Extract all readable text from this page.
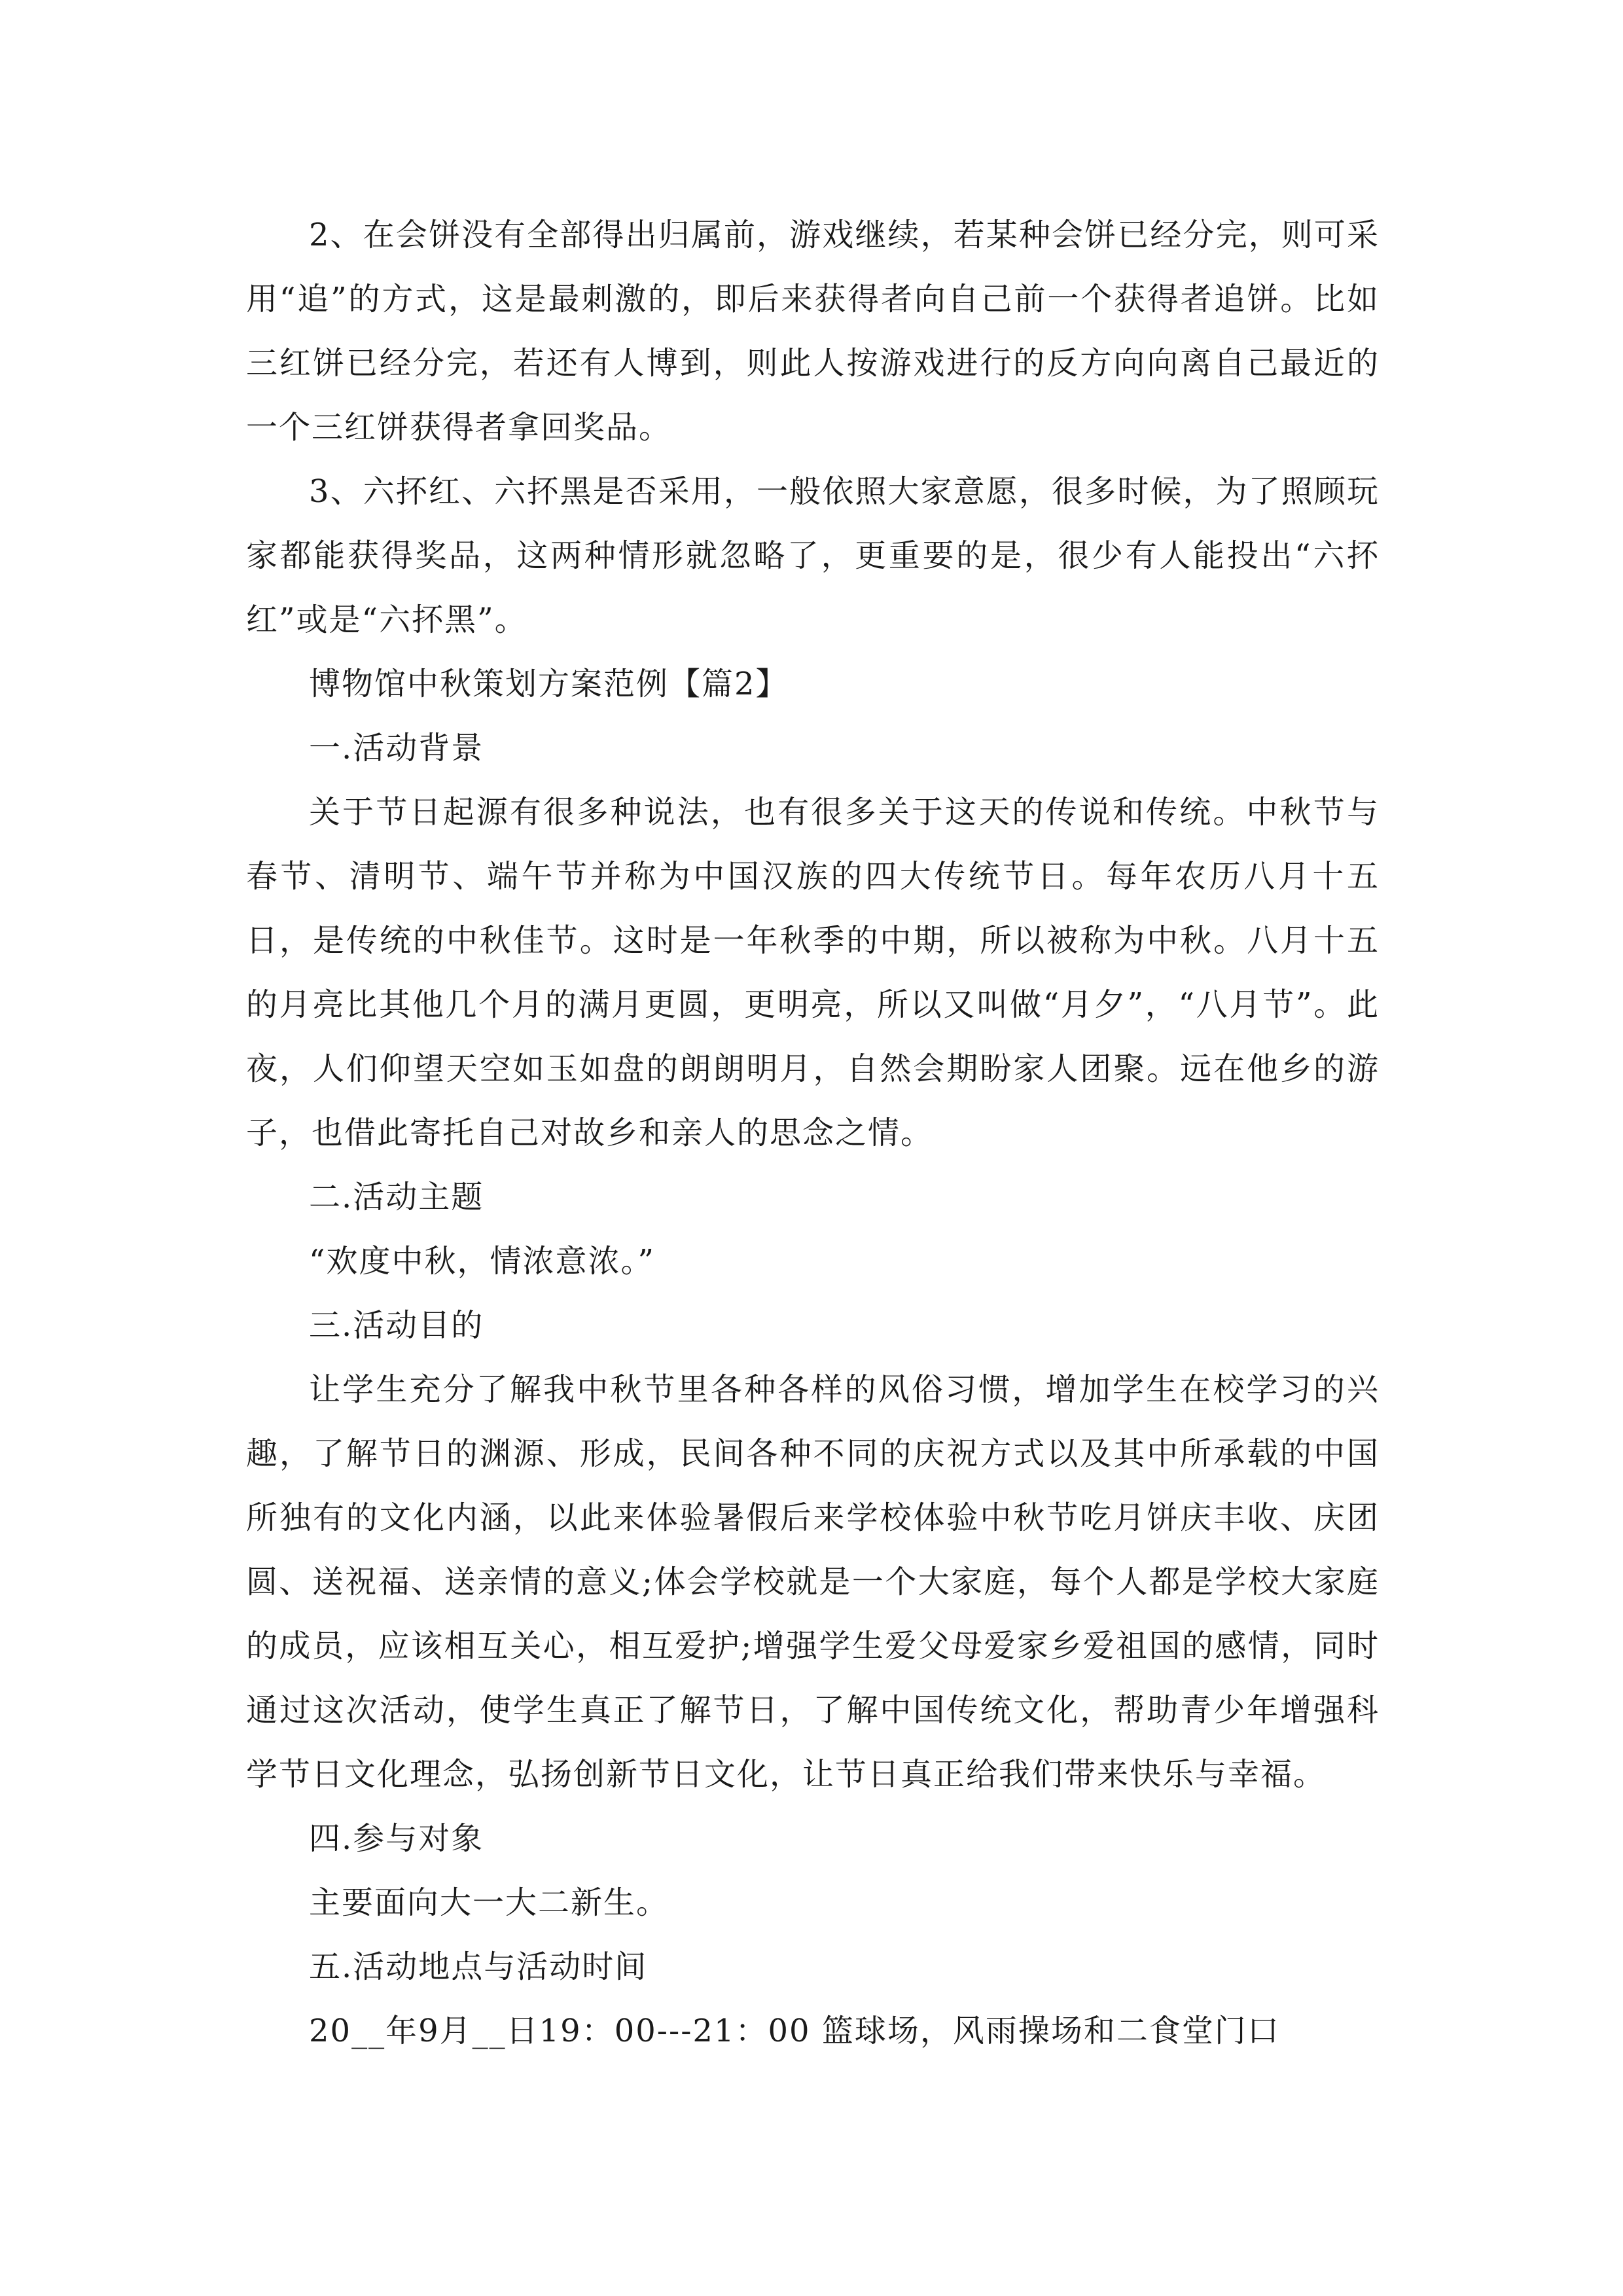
2、在会饼没有全部得出归属前，游戏继续，若某种会饼已经分完，则可采用“追”的方式，这是最刺激的，即后来获得者向自己前一个获得者追饼。比如三红饼已经分完，若还有人博到，则此人按游戏进行的反方向向离自己最近的一个三红饼获得者拿回奖品。

3、六抔红、六抔黑是否采用，一般依照大家意愿，很多时候，为了照顾玩家都能获得奖品，这两种情形就忽略了，更重要的是，很少有人能投出“六抔红”或是“六抔黑”。

博物馆中秋策划方案范例【篇2】

一.活动背景

关于节日起源有很多种说法，也有很多关于这天的传说和传统。中秋节与春节、清明节、端午节并称为中国汉族的四大传统节日。每年农历八月十五日，是传统的中秋佳节。这时是一年秋季的中期，所以被称为中秋。八月十五的月亮比其他几个月的满月更圆，更明亮，所以又叫做“月夕”，“八月节”。此夜，人们仰望天空如玉如盘的朗朗明月，自然会期盼家人团聚。远在他乡的游子，也借此寄托自己对故乡和亲人的思念之情。

二.活动主题

“欢度中秋，情浓意浓。”

三.活动目的

让学生充分了解我中秋节里各种各样的风俗习惯，增加学生在校学习的兴趣，了解节日的渊源、形成，民间各种不同的庆祝方式以及其中所承载的中国所独有的文化内涵，以此来体验暑假后来学校体验中秋节吃月饼庆丰收、庆团圆、送祝福、送亲情的意义;体会学校就是一个大家庭，每个人都是学校大家庭的成员，应该相互关心，相互爱护;增强学生爱父母爱家乡爱祖国的感情，同时通过这次活动，使学生真正了解节日，了解中国传统文化，帮助青少年增强科学节日文化理念，弘扬创新节日文化，让节日真正给我们带来快乐与幸福。

四.参与对象

主要面向大一大二新生。

五.活动地点与活动时间

20__年9月__日19：00---21：00 篮球场，风雨操场和二食堂门口
